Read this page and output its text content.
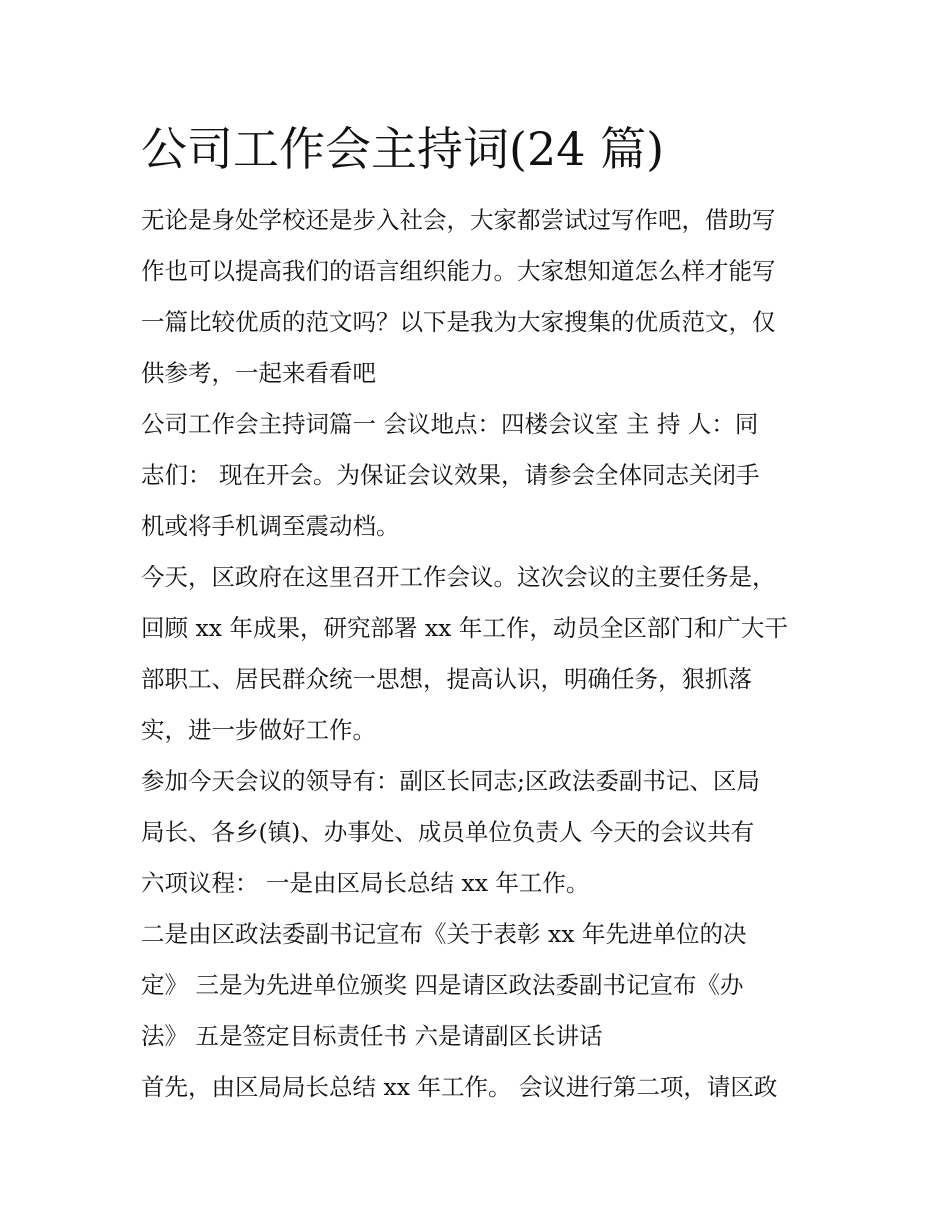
公司工作会主持词(24 篇)

无论是身处学校还是步入社会，大家都尝试过写作吧，借助写
作也可以提高我们的语言组织能力。大家想知道怎么样才能写
一篇比较优质的范文吗？以下是我为大家搜集的优质范文，仅
供参考，一起来看看吧

公司工作会主持词篇一 会议地点：四楼会议室 主 持 人：同
志们： 现在开会。为保证会议效果，请参会全体同志关闭手
机或将手机调至震动档。

今天，区政府在这里召开工作会议。这次会议的主要任务是，
回顾 xx 年成果，研究部署 xx 年工作，动员全区部门和广大干
部职工、居民群众统一思想，提高认识，明确任务，狠抓落
实，进一步做好工作。

参加今天会议的领导有：副区长同志;区政法委副书记、区局
局长、各乡(镇)、办事处、成员单位负责人 今天的会议共有
六项议程： 一是由区局长总结 xx 年工作。

二是由区政法委副书记宣布《关于表彰 xx 年先进单位的决
定》 三是为先进单位颁奖 四是请区政法委副书记宣布《办
法》 五是签定目标责任书 六是请副区长讲话

首先，由区局局长总结 xx 年工作。 会议进行第二项，请区政
